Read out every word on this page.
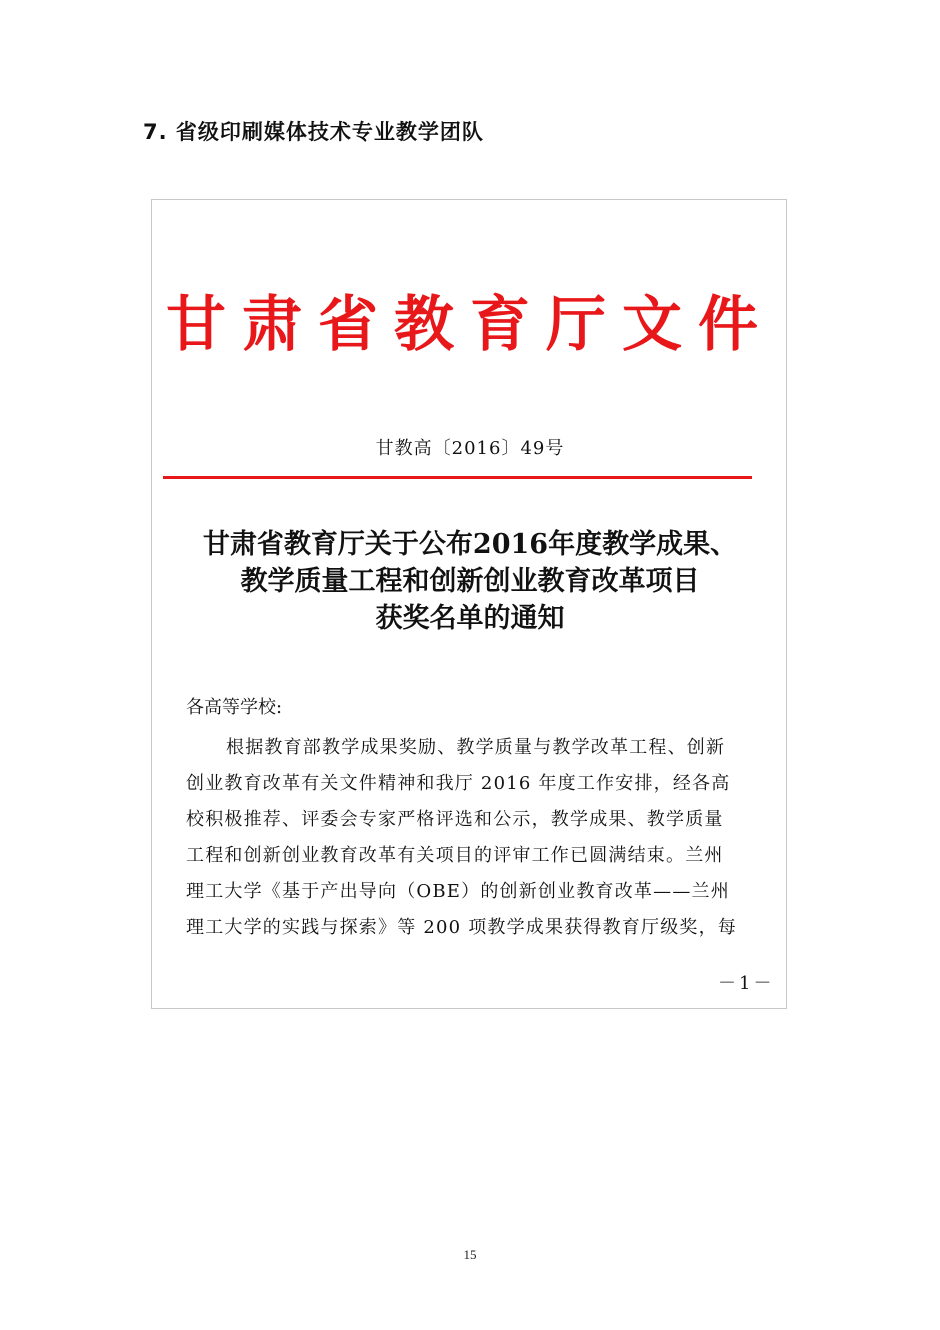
7. 省级印刷媒体技术专业教学团队
甘肃省教育厅文件
甘教高〔2016〕49号
甘肃省教育厅关于公布2016年度教学成果、
教学质量工程和创新创业教育改革项目
获奖名单的通知
各高等学校:
根据教育部教学成果奖励、教学质量与教学改革工程、创新
创业教育改革有关文件精神和我厅 2016 年度工作安排，经各高
校积极推荐、评委会专家严格评选和公示，教学成果、教学质量
工程和创新创业教育改革有关项目的评审工作已圆满结束。兰州
理工大学《基于产出导向（OBE）的创新创业教育改革——兰州
理工大学的实践与探索》等 200 项教学成果获得教育厅级奖，每
－1－
15
